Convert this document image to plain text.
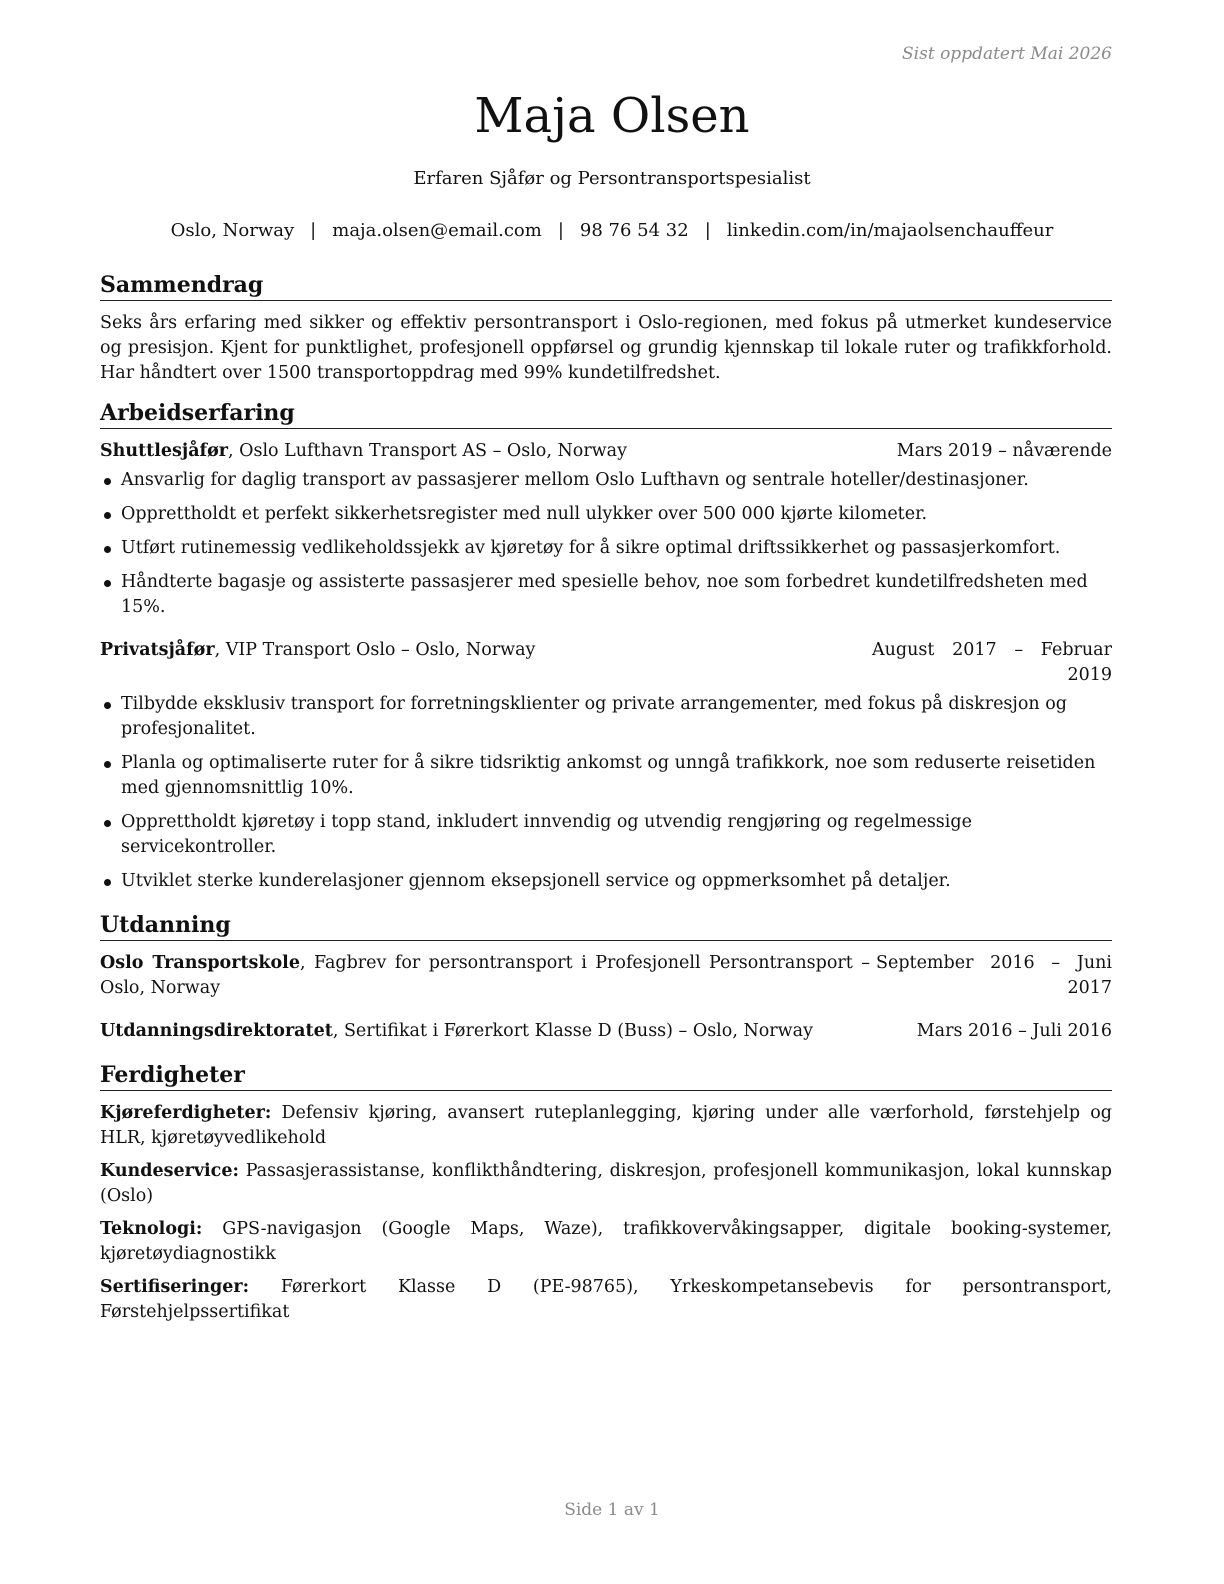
Sist oppdatert Mai 2026
Maja Olsen
Erfaren Sjåfør og Persontransportspesialist
Oslo, Norway | maja.olsen@email.com | 98 76 54 32 | linkedin.com/in/majaolsenchauffeur
Sammendrag

Seks års erfaring med sikker og effektiv persontransport i Oslo-regionen, med fokus på utmerket kundeservice og presisjon. Kjent for punktlighet, profesjonell oppførsel og grundig kjennskap til lokale ruter og trafikkforhold. Har håndtert over 1500 transportoppdrag med 99% kundetilfredshet.

Arbeidserfaring
Shuttlesjåfør, Oslo Lufthavn Transport AS – Oslo, Norway	Mars 2019 – nåværende
Ansvarlig for daglig transport av passasjerer mellom Oslo Lufthavn og sentrale hoteller/destinasjoner.
Opprettholdt et perfekt sikkerhetsregister med null ulykker over 500 000 kjørte kilometer.
Utført rutinemessig vedlikeholdssjekk av kjøretøy for å sikre optimal driftssikkerhet og passasjerkomfort.
Håndterte bagasje og assisterte passasjerer med spesielle behov, noe som forbedret kundetilfredsheten med 15%.
Privatsjåfør, VIP Transport Oslo – Oslo, Norway	August 2017 – Februar 2019
Tilbydde eksklusiv transport for forretningsklienter og private arrangementer, med fokus på diskresjon og profesjonalitet.
Planla og optimaliserte ruter for å sikre tidsriktig ankomst og unngå trafikkork, noe som reduserte reisetiden med gjennomsnittlig 10%.
Opprettholdt kjøretøy i topp stand, inkludert innvendig og utvendig rengjøring og regelmessige servicekontroller.
Utviklet sterke kunderelasjoner gjennom eksepsjonell service og oppmerksomhet på detaljer.
Utdanning
Oslo Transportskole, Fagbrev for persontransport i Profesjonell Persontransport – Oslo, Norway
September 2016 – Juni 2017
Utdanningsdirektoratet, Sertifikat i Førerkort Klasse D (Buss) – Oslo, Norway	Mars 2016 – Juli 2016
Ferdigheter
Kjøreferdigheter: Defensiv kjøring, avansert ruteplanlegging, kjøring under alle værforhold, førstehjelp og HLR, kjøretøyvedlikehold
Kundeservice: Passasjerassistanse, konflikthåndtering, diskresjon, profesjonell kommunikasjon, lokal kunnskap (Oslo)
Teknologi: GPS-navigasjon (Google Maps, Waze), trafikkovervåkingsapper, digitale booking-systemer, kjøretøydiagnostikk
Sertifiseringer: Førerkort Klasse D (PE-98765), Yrkeskompetansebevis for persontransport, Førstehjelpssertifikat
Side 1 av 1
